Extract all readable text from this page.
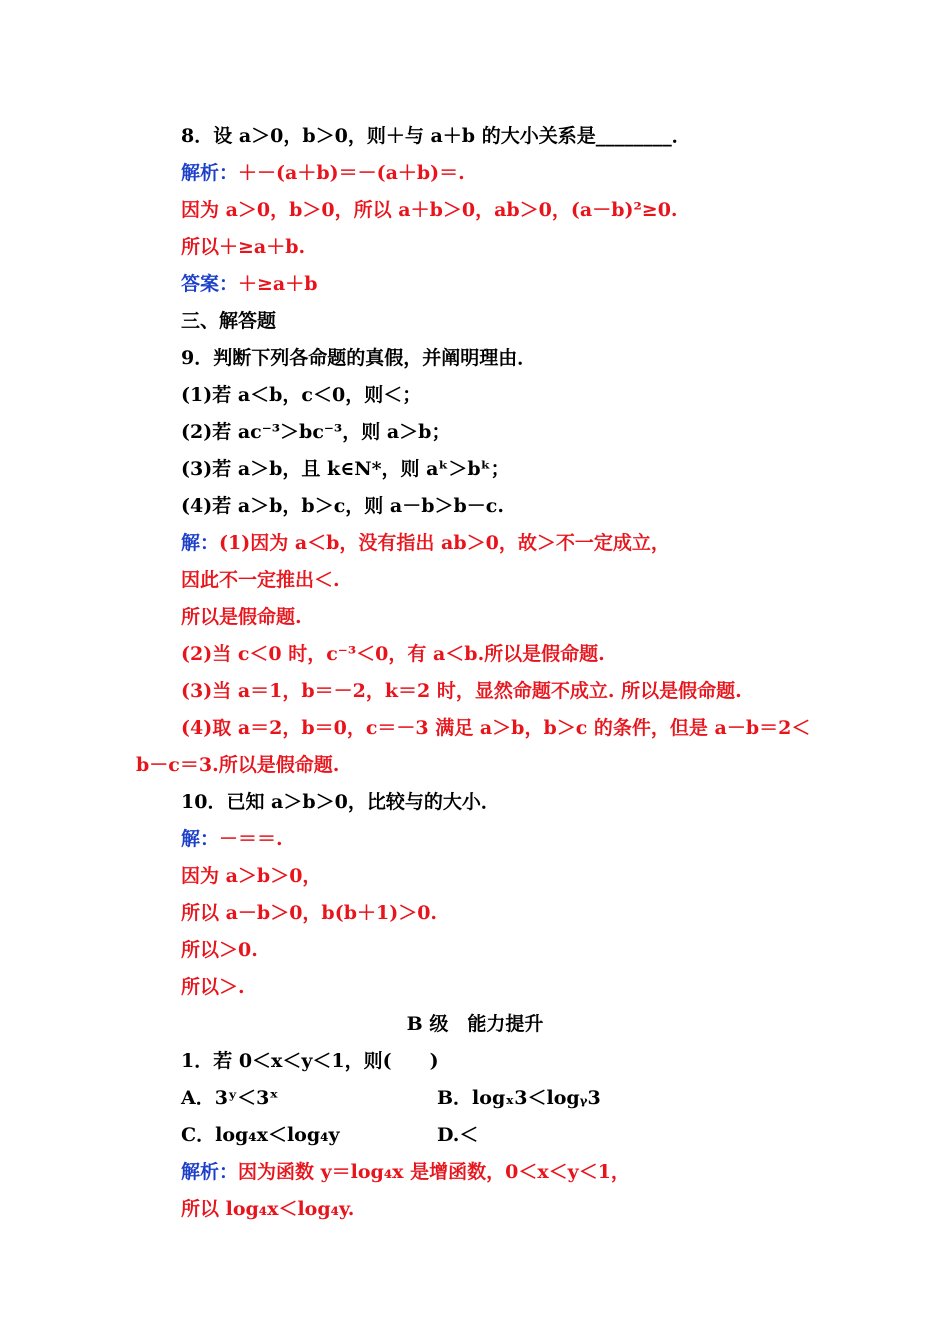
8．设 a＞0，b＞0，则＋与 a＋b 的大小关系是________．
解析：＋－(a＋b)＝－(a＋b)＝.
因为 a＞0，b＞0，所以 a＋b＞0，ab＞0，(a－b)²≥0.
所以＋≥a＋b.
答案：＋≥a＋b
三、解答题
9．判断下列各命题的真假，并阐明理由．
(1)若 a＜b，c＜0，则＜；
(2)若 ac⁻³＞bc⁻³，则 a＞b；
(3)若 a＞b，且 k∈N*，则 aᵏ＞bᵏ；
(4)若 a＞b，b＞c，则 a－b＞b－c.
解：(1)因为 a＜b，没有指出 ab＞0，故＞不一定成立，
因此不一定推出＜.
所以是假命题.
(2)当 c＜0 时，c⁻³＜0，有 a＜b.所以是假命题.
(3)当 a＝1，b＝－2，k＝2 时，显然命题不成立. 所以是假命题.
(4)取 a＝2，b＝0，c＝－3 满足 a＞b，b＞c 的条件，但是 a－b＝2＜
b－c＝3.所以是假命题.
10．已知 a＞b＞0，比较与的大小．
解：－＝＝.
因为 a＞b＞0，
所以 a－b＞0，b(b＋1)＞0.
所以＞0.
所以＞.
B 级　能力提升
1．若 0＜x＜y＜1，则(　　)
A．3ʸ＜3ˣ	B．logₓ3＜logᵧ3
C．log₄x＜log₄y	D.＜
解析：因为函数 y＝log₄x 是增函数，0＜x＜y＜1，
所以 log₄x＜log₄y.
